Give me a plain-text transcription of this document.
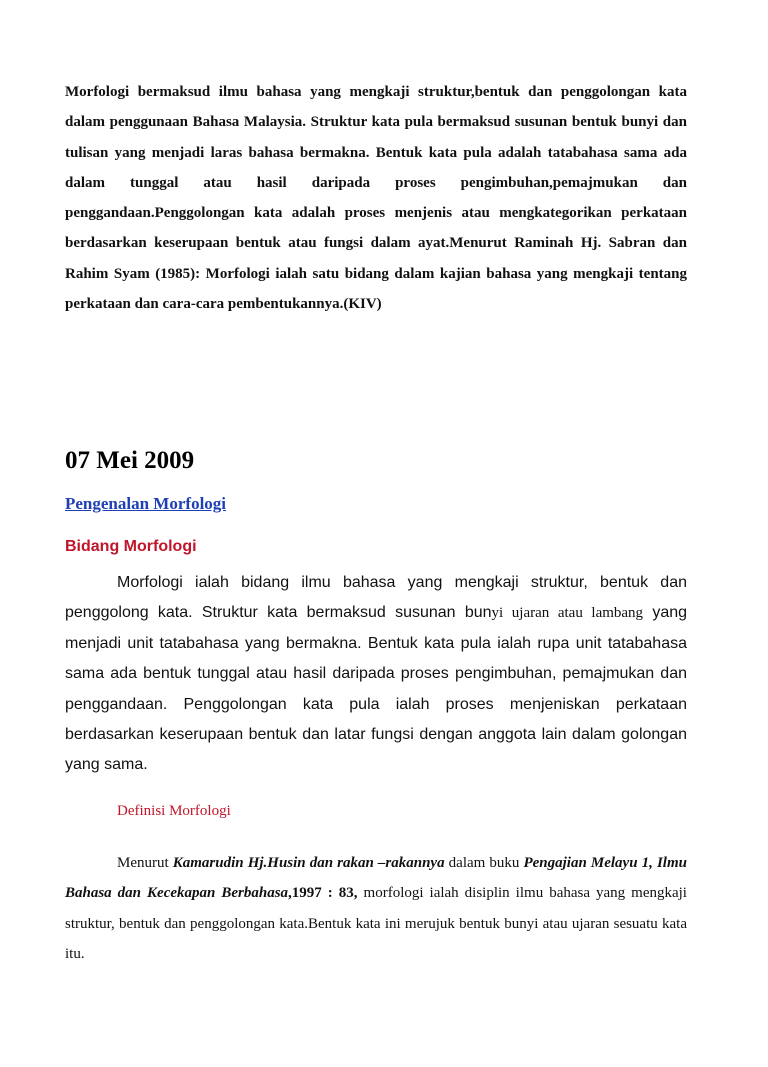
Morfologi bermaksud ilmu bahasa yang mengkaji struktur,bentuk dan penggolongan kata dalam penggunaan Bahasa Malaysia. Struktur kata pula bermaksud susunan bentuk bunyi dan tulisan yang menjadi laras bahasa bermakna. Bentuk kata pula adalah tatabahasa sama ada dalam tunggal atau hasil daripada proses pengimbuhan,pemajmukan dan penggandaan.Penggolongan kata adalah proses menjenis atau mengkategorikan perkataan berdasarkan keserupaan bentuk atau fungsi dalam ayat.Menurut Raminah Hj. Sabran dan Rahim Syam (1985): Morfologi ialah satu bidang dalam kajian bahasa yang mengkaji tentang perkataan dan cara-cara pembentukannya.(KIV)

07 Mei 2009
Pengenalan Morfologi
Bidang Morfologi

Morfologi ialah bidang ilmu bahasa yang mengkaji struktur, bentuk dan penggolong kata. Struktur kata bermaksud susunan bunyi ujaran atau lambang yang menjadi unit tatabahasa yang bermakna. Bentuk kata pula ialah rupa unit tatabahasa sama ada bentuk tunggal atau hasil daripada proses pengimbuhan, pemajmukan dan penggandaan. Penggolongan kata pula ialah proses menjeniskan perkataan berdasarkan keserupaan bentuk dan latar fungsi dengan anggota lain dalam golongan yang sama.

Definisi Morfologi

Menurut Kamarudin Hj.Husin dan rakan –rakannya dalam buku Pengajian Melayu 1, Ilmu Bahasa dan Kecekapan Berbahasa,1997 : 83, morfologi ialah disiplin ilmu bahasa yang mengkaji struktur, bentuk dan penggolongan kata.Bentuk kata ini merujuk bentuk bunyi atau ujaran sesuatu kata itu.
